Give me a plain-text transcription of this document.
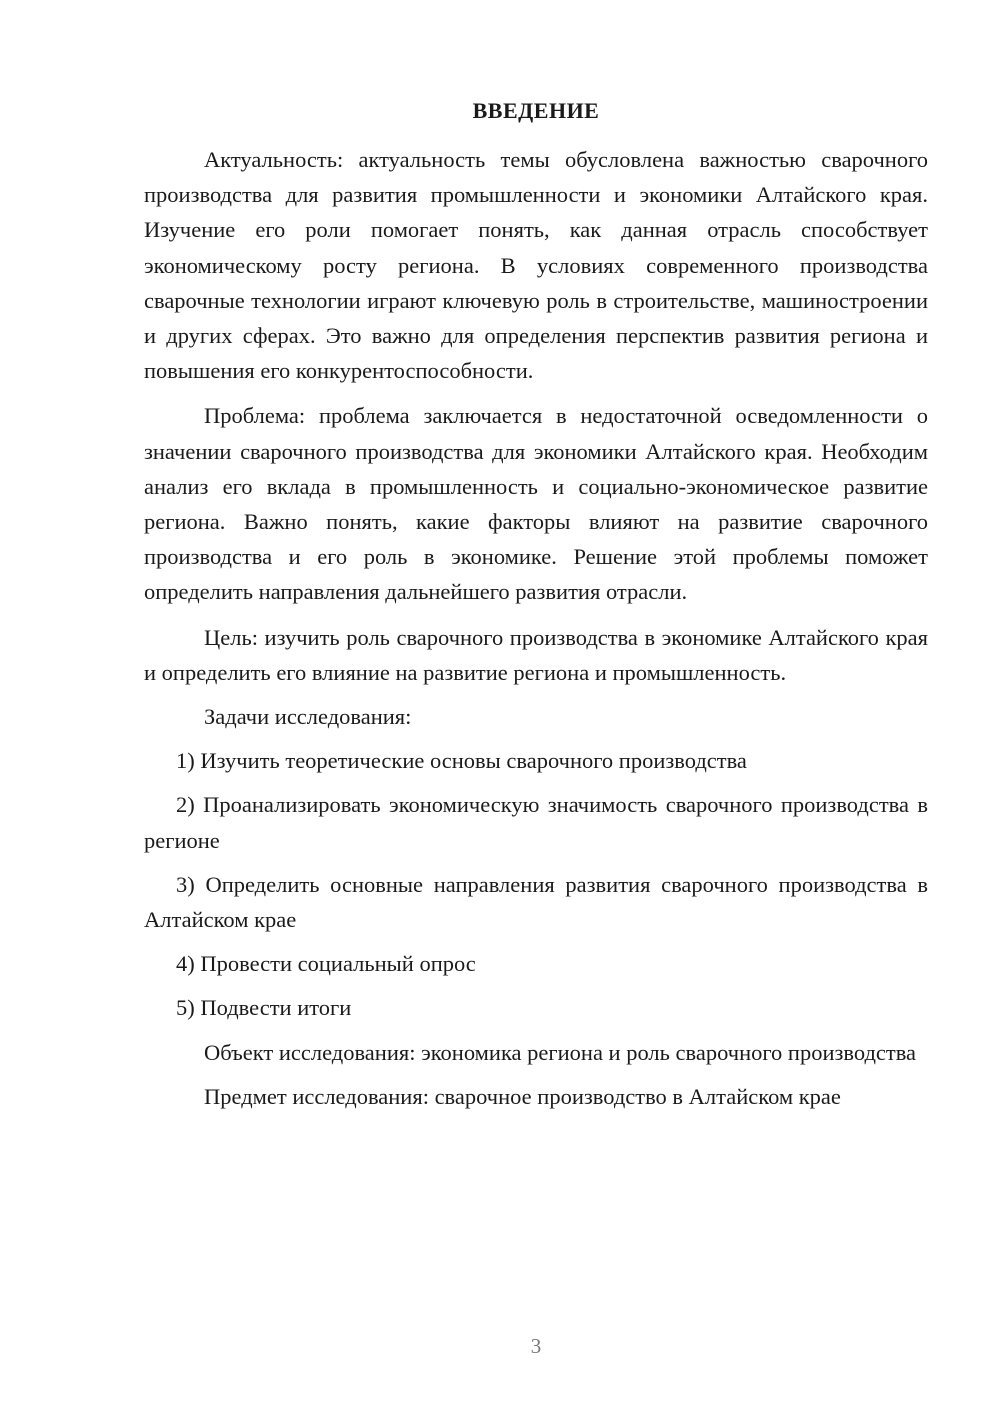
ВВЕДЕНИЕ

Актуальность: актуальность темы обусловлена важностью сварочного производства для развития промышленности и экономики Алтайского края. Изучение его роли помогает понять, как данная отрасль способствует экономическому росту региона. В условиях современного производства сварочные технологии играют ключевую роль в строительстве, машиностроении и других сферах. Это важно для определения перспектив развития региона и повышения его конкурентоспособности.

Проблема: проблема заключается в недостаточной осведомленности о значении сварочного производства для экономики Алтайского края. Необходим анализ его вклада в промышленность и социально-экономическое развитие региона. Важно понять, какие факторы влияют на развитие сварочного производства и его роль в экономике. Решение этой проблемы поможет определить направления дальнейшего развития отрасли.

Цель: изучить роль сварочного производства в экономике Алтайского края и определить его влияние на развитие региона и промышленность.

Задачи исследования:

1) Изучить теоретические основы сварочного производства

2) Проанализировать экономическую значимость сварочного производства в регионе

3) Определить основные направления развития сварочного производства в Алтайском крае

4) Провести социальный опрос

5) Подвести итоги

Объект исследования: экономика региона и роль сварочного производства

Предмет исследования: сварочное производство в Алтайском крае

3
